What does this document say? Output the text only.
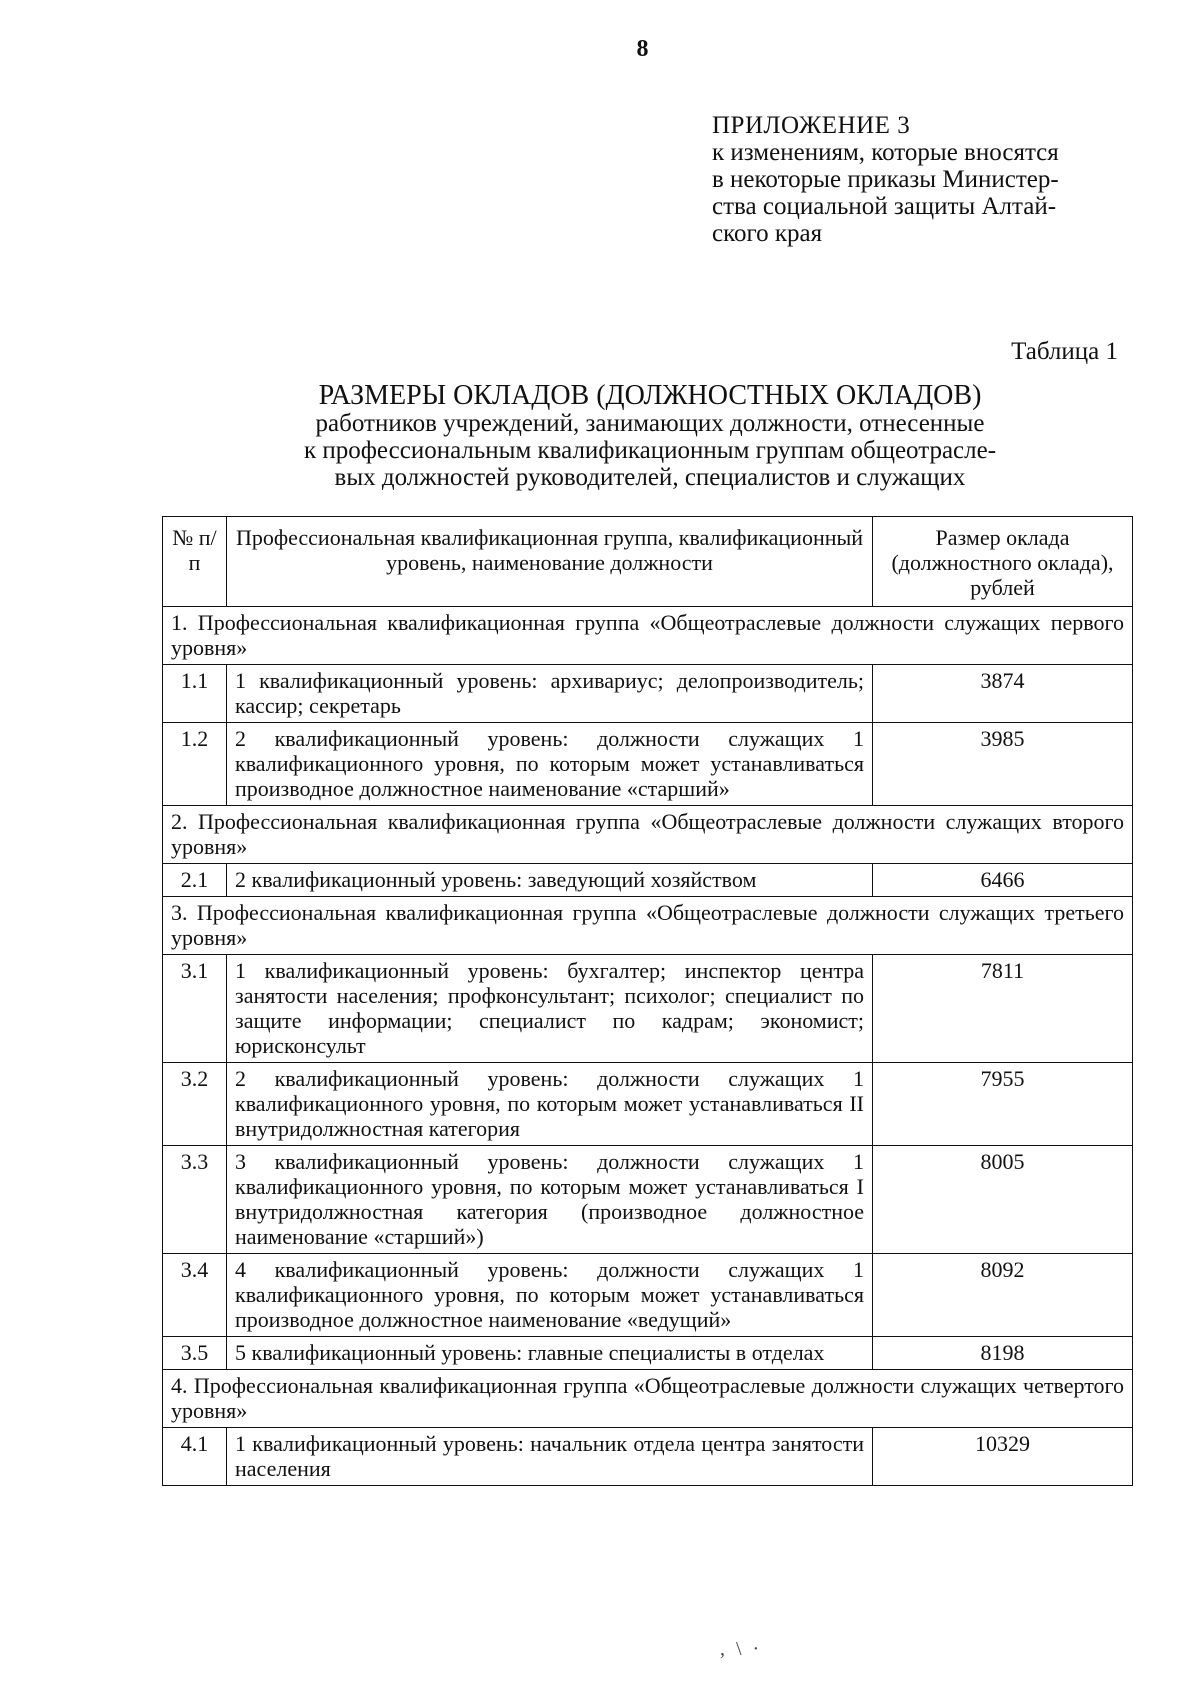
8
ПРИЛОЖЕНИЕ 3
к изменениям, которые вносятся
в некоторые приказы Министер-
ства социальной защиты Алтай-
ского края
Таблица 1
РАЗМЕРЫ ОКЛАДОВ (ДОЛЖНОСТНЫХ ОКЛАДОВ)
работников учреждений, занимающих должности, отнесенные
к профессиональным квалификационным группам общеотрасле-
вых должностей руководителей, специалистов и служащих
№ п/п	Профессиональная квалификационная группа, квалификационный уровень, наименование должности	Размер оклада (должностного оклада), рублей
1. Профессиональная квалификационная группа «Общеотраслевые должности служащих первого уровня»		
1.1	1 квалификационный уровень: архивариус; делопроизводитель; кассир; секретарь	3874
1.2	2 квалификационный уровень: должности служащих 1 квалификационного уровня, по которым может устанавливаться производное должностное наименование «старший»	3985
2. Профессиональная квалификационная группа «Общеотраслевые должности служащих второго уровня»		
2.1	2 квалификационный уровень: заведующий хозяйством	6466
3. Профессиональная квалификационная группа «Общеотраслевые должности служащих третьего уровня»		
3.1	1 квалификационный уровень: бухгалтер; инспектор центра занятости населения; профконсультант; психолог; специалист по защите информации; специалист по кадрам; экономист; юрисконсульт	7811
3.2	2 квалификационный уровень: должности служащих 1 квалификационного уровня, по которым может устанавливаться II внутридолжностная категория	7955
3.3	3 квалификационный уровень: должности служащих 1 квалификационного уровня, по которым может устанавливаться I внутридолжностная категория (производное должностное наименование «старший»)	8005
3.4	4 квалификационный уровень: должности служащих 1 квалификационного уровня, по которым может устанавливаться производное должностное наименование «ведущий»	8092
3.5	5 квалификационный уровень: главные специалисты в отделах	8198
4. Профессиональная квалификационная группа «Общеотраслевые должности служащих четвертого уровня»		
4.1	1 квалификационный уровень: начальник отдела центра занятости населения	10329
, \ ·
